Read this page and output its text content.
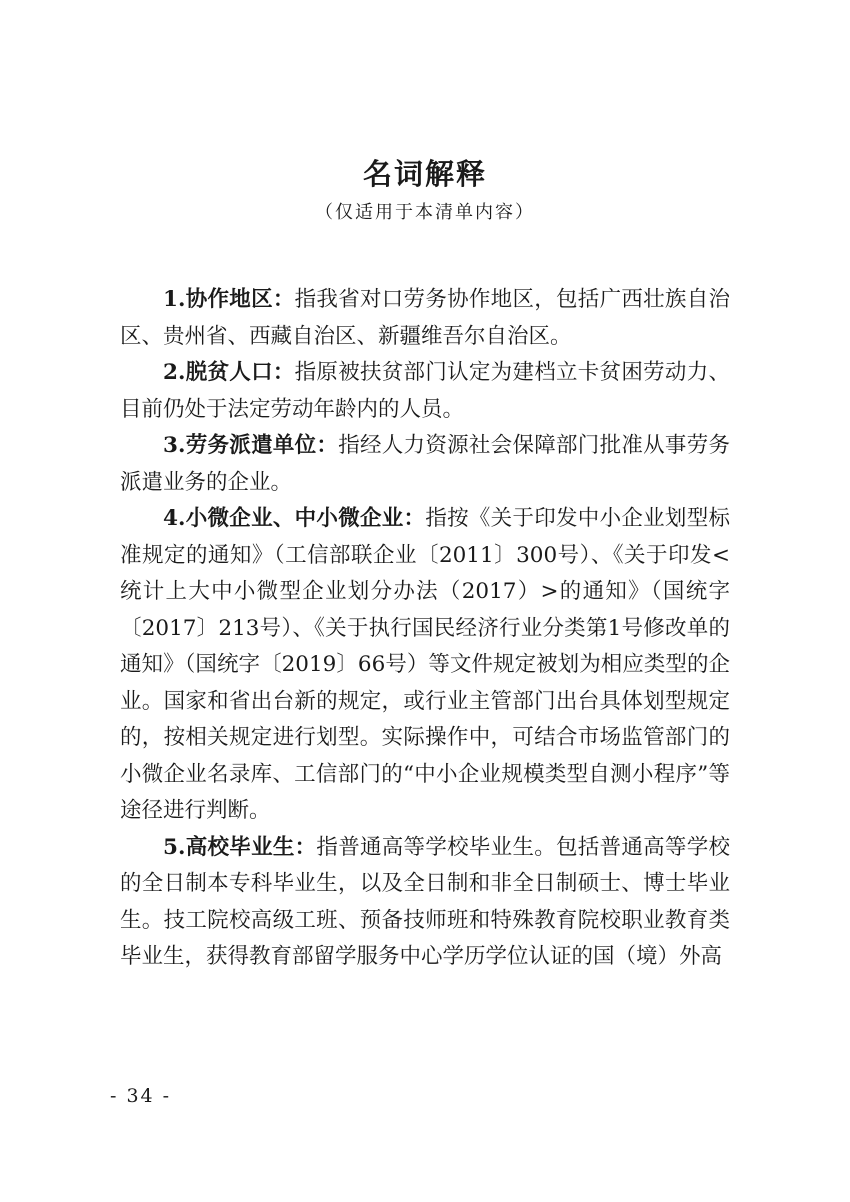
名词解释
（仅适用于本清单内容）

1.协作地区：指我省对口劳务协作地区，包括广西壮族自治区、贵州省、西藏自治区、新疆维吾尔自治区。

2.脱贫人口：指原被扶贫部门认定为建档立卡贫困劳动力、目前仍处于法定劳动年龄内的人员。

3.劳务派遣单位：指经人力资源社会保障部门批准从事劳务派遣业务的企业。

4.小微企业、中小微企业：指按《关于印发中小企业划型标准规定的通知》（工信部联企业〔2011〕300号）、《关于印发<统计上大中小微型企业划分办法（2017）>的通知》（国统字〔2017〕213号）、《关于执行国民经济行业分类第1号修改单的通知》（国统字〔2019〕66号）等文件规定被划为相应类型的企业。国家和省出台新的规定，或行业主管部门出台具体划型规定的，按相关规定进行划型。实际操作中，可结合市场监管部门的小微企业名录库、工信部门的“中小企业规模类型自测小程序”等途径进行判断。

5.高校毕业生：指普通高等学校毕业生。包括普通高等学校的全日制本专科毕业生，以及全日制和非全日制硕士、博士毕业生。技工院校高级工班、预备技师班和特殊教育院校职业教育类毕业生，获得教育部留学服务中心学历学位认证的国（境）外高

- 34 -
